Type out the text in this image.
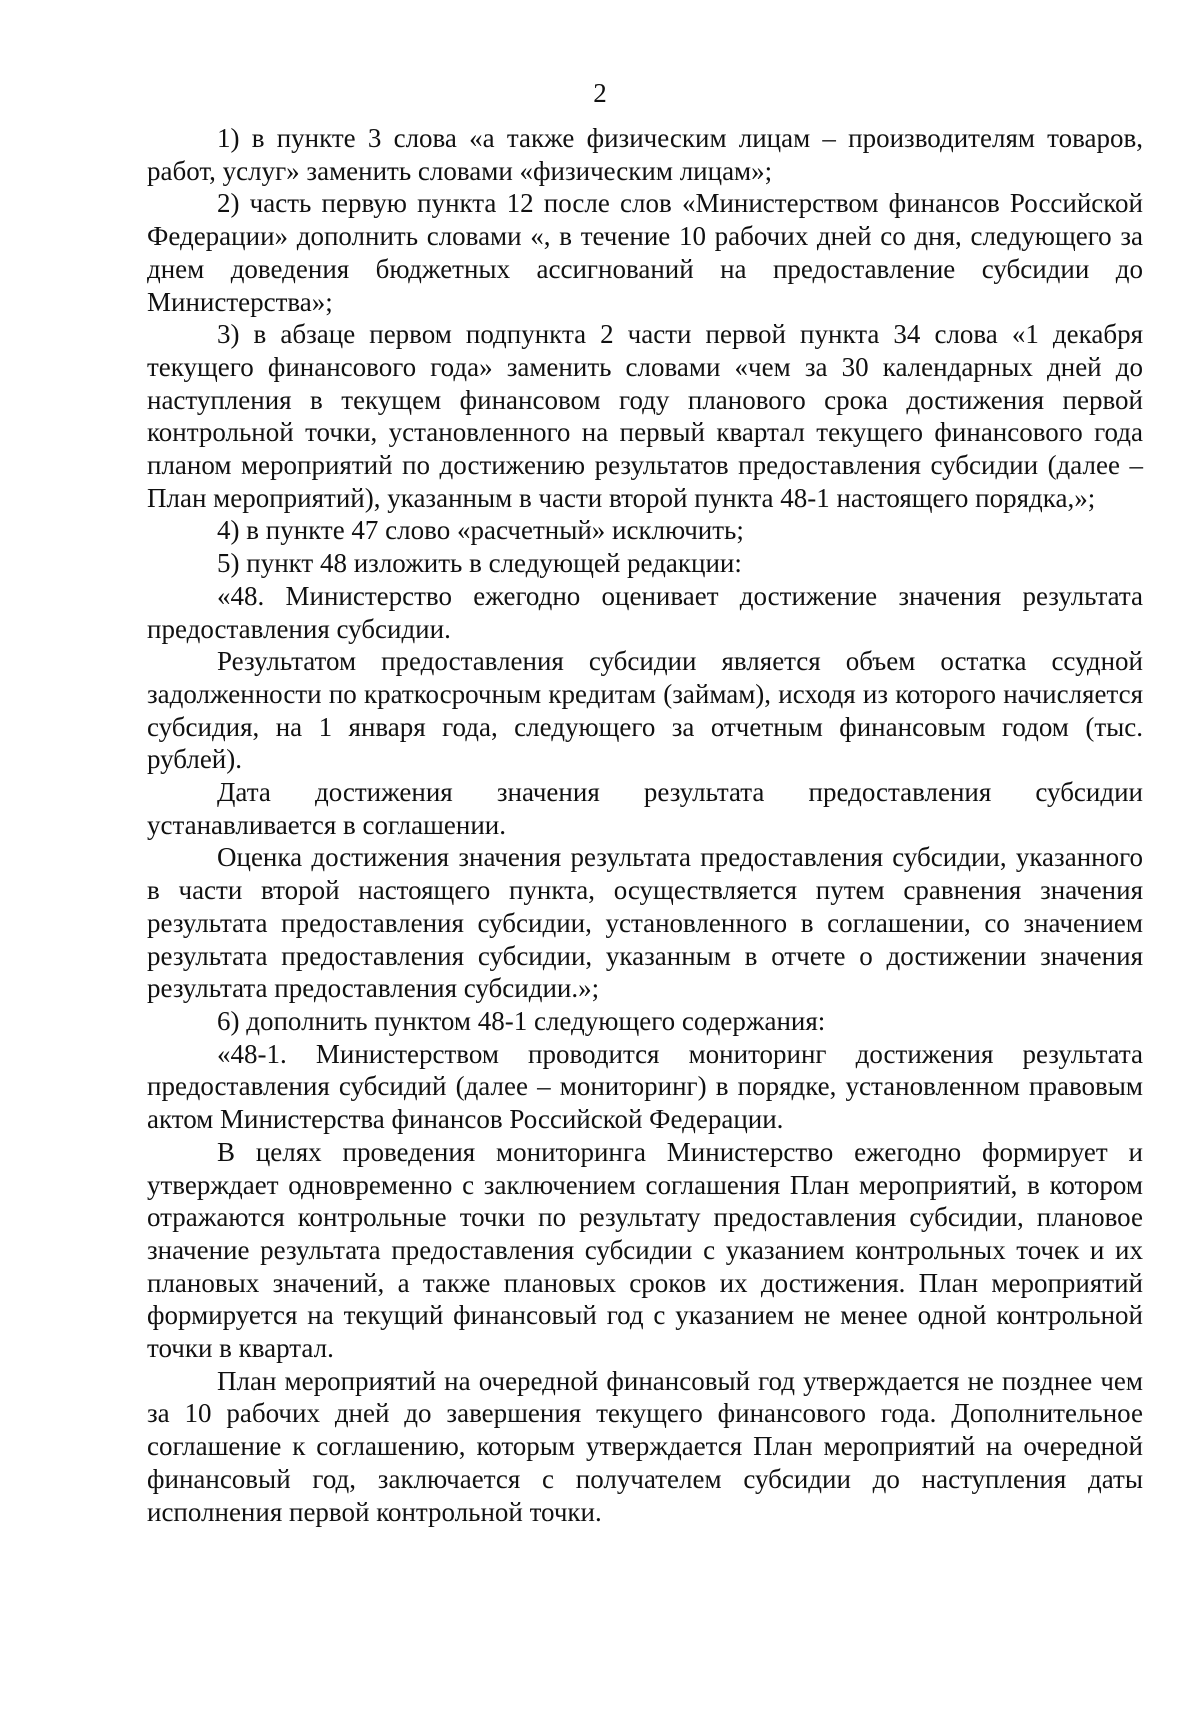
2

1) в пункте 3 слова «а также физическим лицам – производителям товаров, работ, услуг» заменить словами «физическим лицам»;

2) часть первую пункта 12 после слов «Министерством финансов Российской Федерации» дополнить словами «, в течение 10 рабочих дней со дня, следующего за днем доведения бюджетных ассигнований на предоставление субсидии до Министерства»;

3) в абзаце первом подпункта 2 части первой пункта 34 слова «1 декабря текущего финансового года» заменить словами «чем за 30 календарных дней до наступления в текущем финансовом году планового срока достижения первой контрольной точки, установленного на первый квартал текущего финансового года планом мероприятий по достижению результатов предоставления субсидии (далее – План мероприятий), указанным в части второй пункта 48-1 настоящего порядка,»;

4) в пункте 47 слово «расчетный» исключить;

5) пункт 48 изложить в следующей редакции:

«48. Министерство ежегодно оценивает достижение значения результата предоставления субсидии.

Результатом предоставления субсидии является объем остатка ссудной задолженности по краткосрочным кредитам (займам), исходя из которого начисляется субсидия, на 1 января года, следующего за отчетным финансовым годом (тыс. рублей).

Дата достижения значения результата предоставления субсидии устанавливается в соглашении.

Оценка достижения значения результата предоставления субсидии, указанного в части второй настоящего пункта, осуществляется путем сравнения значения результата предоставления субсидии, установленного в соглашении, со значением результата предоставления субсидии, указанным в отчете о достижении значения результата предоставления субсидии.»;

6) дополнить пунктом 48-1 следующего содержания:

«48-1. Министерством проводится мониторинг достижения результата предоставления субсидий (далее – мониторинг) в порядке, установленном правовым актом Министерства финансов Российской Федерации.

В целях проведения мониторинга Министерство ежегодно формирует и утверждает одновременно с заключением соглашения План мероприятий, в котором отражаются контрольные точки по результату предоставления субсидии, плановое значение результата предоставления субсидии с указанием контрольных точек и их плановых значений, а также плановых сроков их достижения. План мероприятий формируется на текущий финансовый год с указанием не менее одной контрольной точки в квартал.

План мероприятий на очередной финансовый год утверждается не позднее чем за 10 рабочих дней до завершения текущего финансового года. Дополнительное соглашение к соглашению, которым утверждается План мероприятий на очередной финансовый год, заключается с получателем субсидии до наступления даты исполнения первой контрольной точки.
